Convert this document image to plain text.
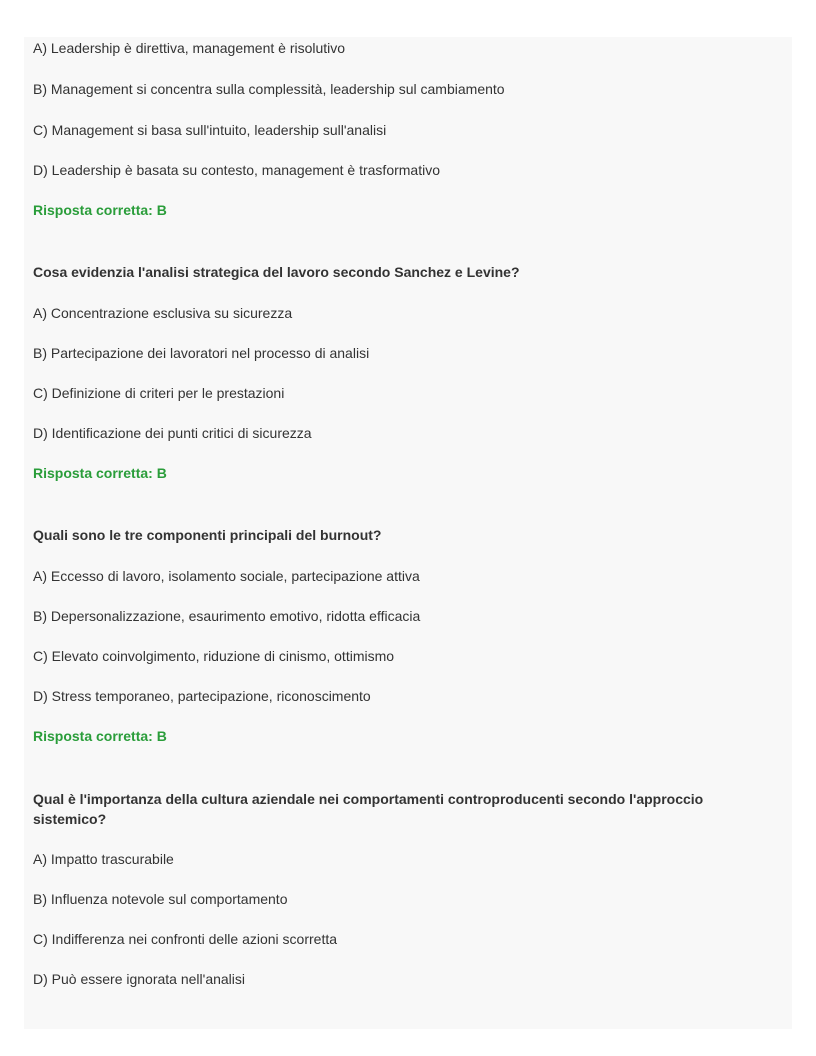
A) Leadership è direttiva, management è risolutivo
B) Management si concentra sulla complessità, leadership sul cambiamento
C) Management si basa sull'intuito, leadership sull'analisi
D) Leadership è basata su contesto, management è trasformativo
Risposta corretta: B
Cosa evidenzia l'analisi strategica del lavoro secondo Sanchez e Levine?
A) Concentrazione esclusiva su sicurezza
B) Partecipazione dei lavoratori nel processo di analisi
C) Definizione di criteri per le prestazioni
D) Identificazione dei punti critici di sicurezza
Risposta corretta: B
Quali sono le tre componenti principali del burnout?
A) Eccesso di lavoro, isolamento sociale, partecipazione attiva
B) Depersonalizzazione, esaurimento emotivo, ridotta efficacia
C) Elevato coinvolgimento, riduzione di cinismo, ottimismo
D) Stress temporaneo, partecipazione, riconoscimento
Risposta corretta: B
Qual è l'importanza della cultura aziendale nei comportamenti controproducenti secondo l'approccio sistemico?
A) Impatto trascurabile
B) Influenza notevole sul comportamento
C) Indifferenza nei confronti delle azioni scorretta
D) Può essere ignorata nell'analisi
